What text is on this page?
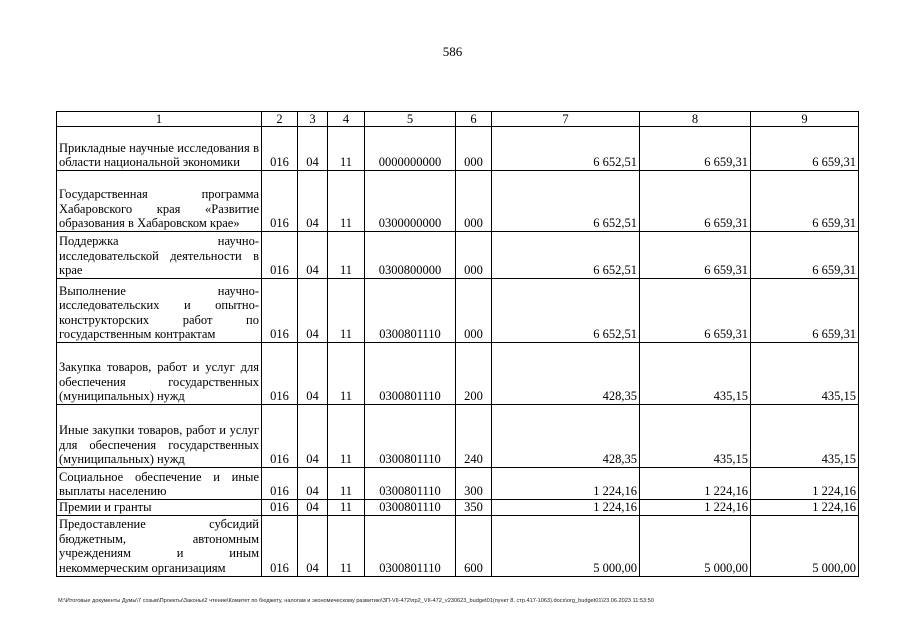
586
1	2	3	4	5	6	7	8	9
Прикладные научные исследования в области национальной экономики	016	04	11	0000000000	000	6 652,51	6 659,31	6 659,31
Государственная программа Хабаровского края «Развитие образования в Хабаровском крае»	016	04	11	0300000000	000	6 652,51	6 659,31	6 659,31
Поддержка научно-исследовательской деятельности в крае	016	04	11	0300800000	000	6 652,51	6 659,31	6 659,31
Выполнение научно-исследовательских и опытно-конструкторских работ по государственным контрактам	016	04	11	0300801110	000	6 652,51	6 659,31	6 659,31
Закупка товаров, работ и услуг для обеспечения государственных (муниципальных) нужд	016	04	11	0300801110	200	428,35	435,15	435,15
Иные закупки товаров, работ и услуг для обеспечения государственных (муниципальных) нужд	016	04	11	0300801110	240	428,35	435,15	435,15
Социальное обеспечение и иные выплаты населению	016	04	11	0300801110	300	1 224,16	1 224,16	1 224,16
Премии и гранты	016	04	11	0300801110	350	1 224,16	1 224,16	1 224,16
Предоставление субсидий бюджетным, автономным учреждениям и иным некоммерческим организациям	016	04	11	0300801110	600	5 000,00	5 000,00	5 000,00
M:\Итоговые документы Думы\7 созыв\Проекты\Законы\2 чтение\Комитет по бюджету, налогам и экономическому развитию\ЗП-VII-472\пр2_VII-472_v230623_budget01(пункт 8, стр.417-1063).docx\org_budget01\23.06.2023 11:53:50
